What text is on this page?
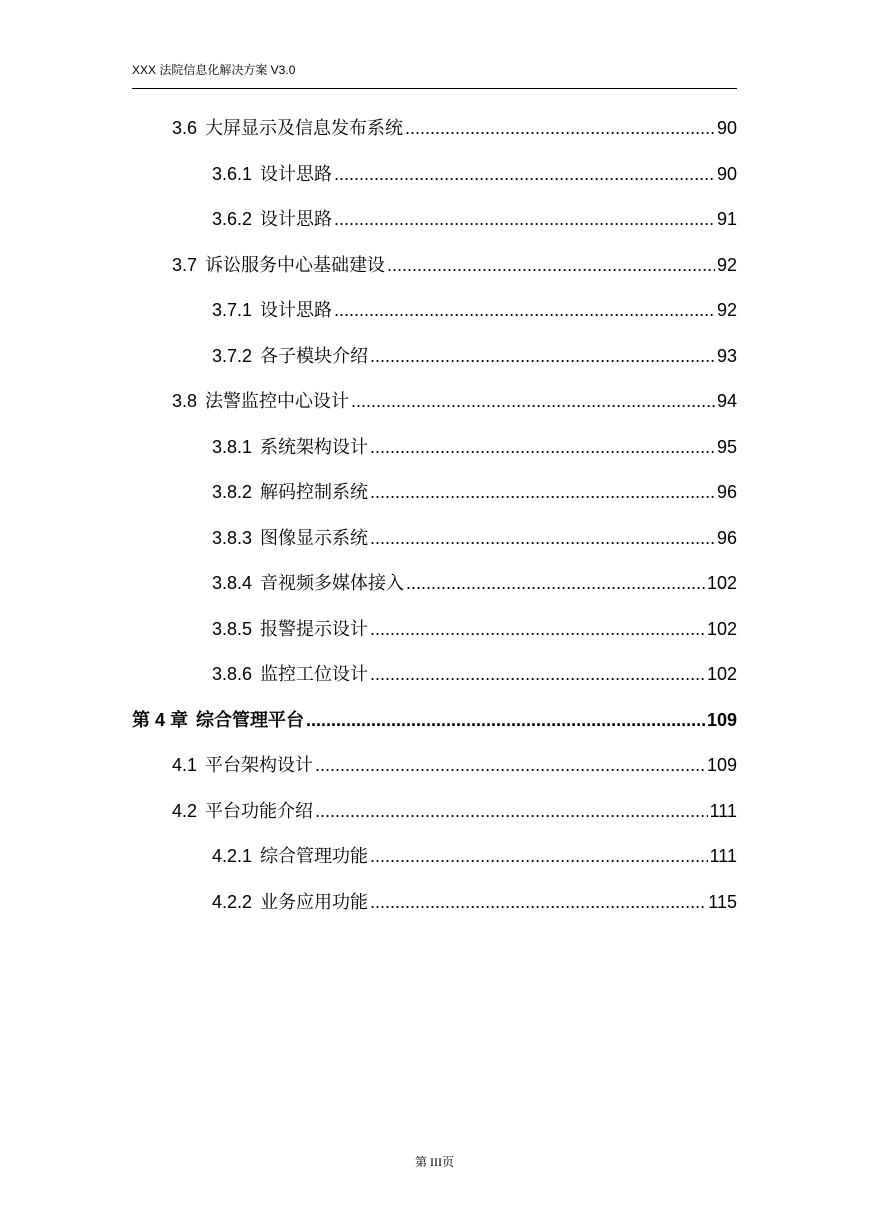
XXX 法院信息化解决方案 V3.0
3.6 大屏显示及信息发布系统 .....	90
3.6.1 设计思路 .....	90
3.6.2 设计思路 .....	91
3.7 诉讼服务中心基础建设 .....	92
3.7.1 设计思路 .....	92
3.7.2 各子模块介绍 .....	93
3.8 法警监控中心设计 .....	94
3.8.1 系统架构设计 .....	95
3.8.2 解码控制系统 .....	96
3.8.3 图像显示系统 .....	96
3.8.4 音视频多媒体接入 .....	102
3.8.5 报警提示设计 .....	102
3.8.6 监控工位设计 .....	102
第 4 章 综合管理平台 .....	109
4.1 平台架构设计 .....	109
4.2 平台功能介绍 .....	111
4.2.1 综合管理功能 .....	111
4.2.2 业务应用功能 .....	115
第 III页
